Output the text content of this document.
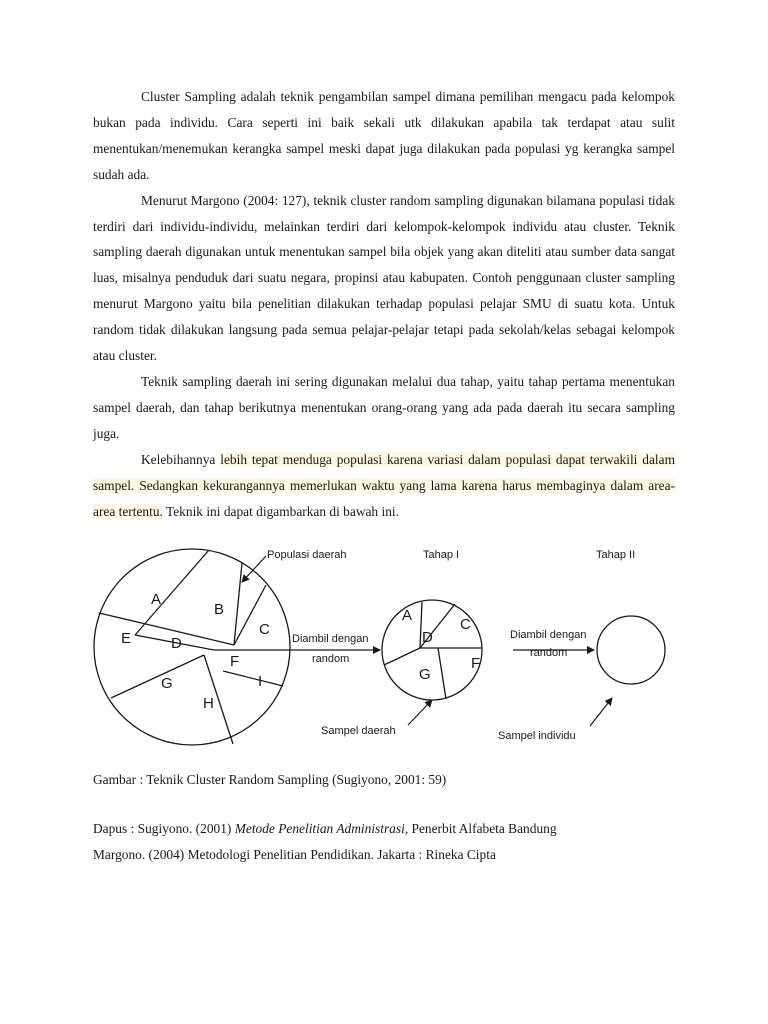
Cluster Sampling adalah teknik pengambilan sampel dimana pemilihan mengacu pada kelompok bukan pada individu. Cara seperti ini baik sekali utk dilakukan apabila tak terdapat atau sulit menentukan/menemukan kerangka sampel meski dapat juga dilakukan pada populasi yg kerangka sampel sudah ada.

Menurut Margono (2004: 127), teknik cluster random sampling digunakan bilamana populasi tidak terdiri dari individu-individu, melainkan terdiri dari kelompok-kelompok individu atau cluster. Teknik sampling daerah digunakan untuk menentukan sampel bila objek yang akan diteliti atau sumber data sangat luas, misalnya penduduk dari suatu negara, propinsi atau kabupaten. Contoh penggunaan cluster sampling menurut Margono yaitu bila penelitian dilakukan terhadap populasi pelajar SMU di suatu kota. Untuk random tidak dilakukan langsung pada semua pelajar-pelajar tetapi pada sekolah/kelas sebagai kelompok atau cluster.

Teknik sampling daerah ini sering digunakan melalui dua tahap, yaitu tahap pertama menentukan sampel daerah, dan tahap berikutnya menentukan orang-orang yang ada pada daerah itu secara sampling juga.

Kelebihannya lebih tepat menduga populasi karena variasi dalam populasi dapat terwakili dalam sampel. Sedangkan kekurangannya memerlukan waktu yang lama karena harus membaginya dalam area-area tertentu. Teknik ini dapat digambarkan di bawah ini.

A
B
C
E	D
F
I
G
H
Populasi daerah
Diambil dengan
random
Tahap I
A
C
D
G
F
Diambil dengan
random
Tahap II
Sampel daerah	Sampel individu

Gambar : Teknik Cluster Random Sampling (Sugiyono, 2001: 59)

Dapus : Sugiyono. (2001) Metode Penelitian Administrasi, Penerbit Alfabeta Bandung

Margono. (2004) Metodologi Penelitian Pendidikan. Jakarta : Rineka Cipta
